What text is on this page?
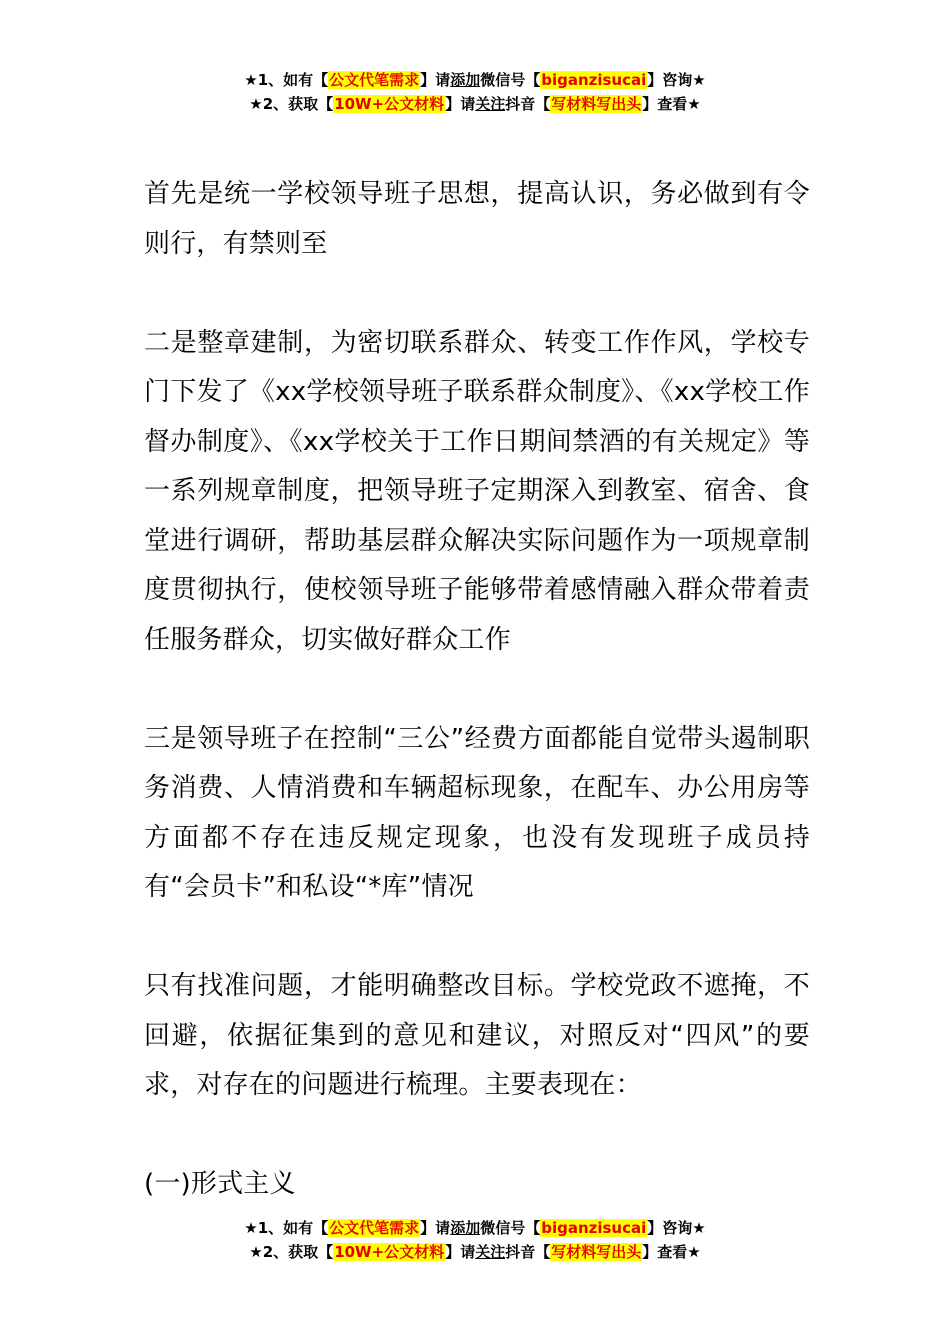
★1、如有【公文代笔需求】请添加微信号【biganzisucai】咨询★
★2、获取【10W+公文材料】请关注抖音【写材料写出头】查看★

首先是统一学校领导班子思想，提高认识，务必做到有令则行，有禁则至

二是整章建制，为密切联系群众、转变工作作风，学校专门下发了《xx学校领导班子联系群众制度》、《xx学校工作督办制度》、《xx学校关于工作日期间禁酒的有关规定》等一系列规章制度，把领导班子定期深入到教室、宿舍、食堂进行调研，帮助基层群众解决实际问题作为一项规章制度贯彻执行，使校领导班子能够带着感情融入群众带着责任服务群众，切实做好群众工作

三是领导班子在控制“三公”经费方面都能自觉带头遏制职务消费、人情消费和车辆超标现象，在配车、办公用房等方面都不存在违反规定现象，也没有发现班子成员持有“会员卡”和私设“*库”情况

只有找准问题，才能明确整改目标。学校党政不遮掩，不回避，依据征集到的意见和建议，对照反对“四风”的要求，对存在的问题进行梳理。主要表现在：

(一)形式主义

★1、如有【公文代笔需求】请添加微信号【biganzisucai】咨询★
★2、获取【10W+公文材料】请关注抖音【写材料写出头】查看★
